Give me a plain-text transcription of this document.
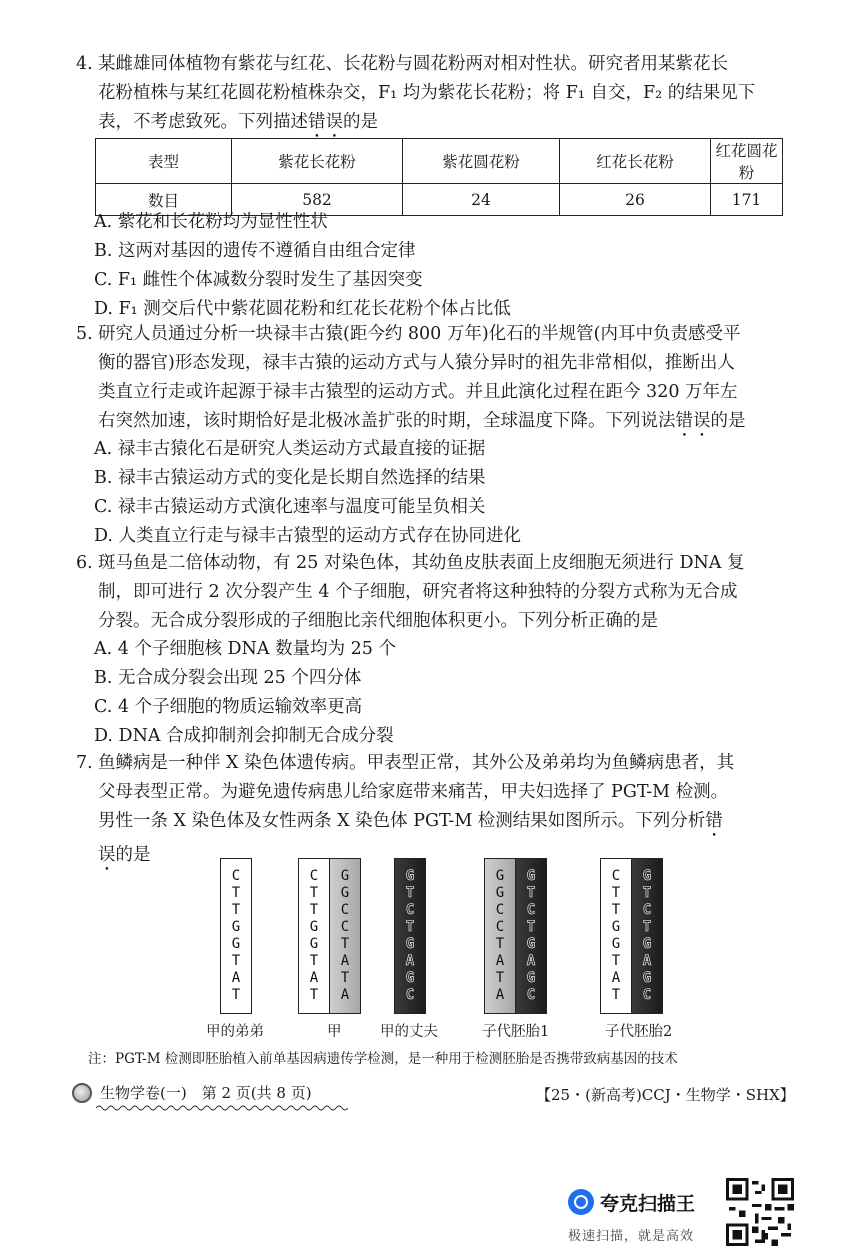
4. 某雌雄同体植物有紫花与红花、长花粉与圆花粉两对相对性状。研究者用某紫花长

花粉植株与某红花圆花粉植株杂交，F₁ 均为紫花长花粉；将 F₁ 自交，F₂ 的结果见下

表，不考虑致死。下列描述错误的是

表型	紫花长花粉	紫花圆花粉	红花长花粉	红花圆花粉
数目	582	24	26	171
A. 紫花和长花粉均为显性性状
B. 这两对基因的遗传不遵循自由组合定律
C. F₁ 雌性个体减数分裂时发生了基因突变
D. F₁ 测交后代中紫花圆花粉和红花长花粉个体占比低
5. 研究人员通过分析一块禄丰古猿(距今约 800 万年)化石的半规管(内耳中负责感受平

衡的器官)形态发现，禄丰古猿的运动方式与人猿分异时的祖先非常相似，推断出人

类直立行走或许起源于禄丰古猿型的运动方式。并且此演化过程在距今 320 万年左

右突然加速，该时期恰好是北极冰盖扩张的时期，全球温度下降。下列说法错误的是

A. 禄丰古猿化石是研究人类运动方式最直接的证据
B. 禄丰古猿运动方式的变化是长期自然选择的结果
C. 禄丰古猿运动方式演化速率与温度可能呈负相关
D. 人类直立行走与禄丰古猿型的运动方式存在协同进化
6. 斑马鱼是二倍体动物，有 25 对染色体，其幼鱼皮肤表面上皮细胞无须进行 DNA 复

制，即可进行 2 次分裂产生 4 个子细胞，研究者将这种独特的分裂方式称为无合成

分裂。无合成分裂形成的子细胞比亲代细胞体积更小。下列分析正确的是

A. 4 个子细胞核 DNA 数量均为 25 个
B. 无合成分裂会出现 25 个四分体
C. 4 个子细胞的物质运输效率更高
D. DNA 合成抑制剂会抑制无合成分裂
7. 鱼鳞病是一种伴 X 染色体遗传病。甲表型正常，其外公及弟弟均为鱼鳞病患者，其

父母表型正常。为避免遗传病患儿给家庭带来痛苦，甲夫妇选择了 PGT-M 检测。

男性一条 X 染色体及女性两条 X 染色体 PGT-M 检测结果如图所示。下列分析错

误的是

C
T
T
G
G
T
A
T
C
T
T
G
G
T
A
T
G
G
C
C
T
A
T
A
G
T
C
T
G
A
G
C
G
G
C
C
T
A
T
A
G
T
C
T
G
A
G
C
C
T
T
G
G
T
A
T
G
T
C
T
G
A
G
C
甲的弟弟	甲	甲的丈夫	子代胚胎1	子代胚胎2
注：PGT-M 检测即胚胎植入前单基因病遗传学检测，是一种用于检测胚胎是否携带致病基因的技术
生物学卷(一)　第 2 页(共 8 页)	【25・(新高考)CCJ・生物学・SHX】
夸克扫描王
极速扫描，就是高效
